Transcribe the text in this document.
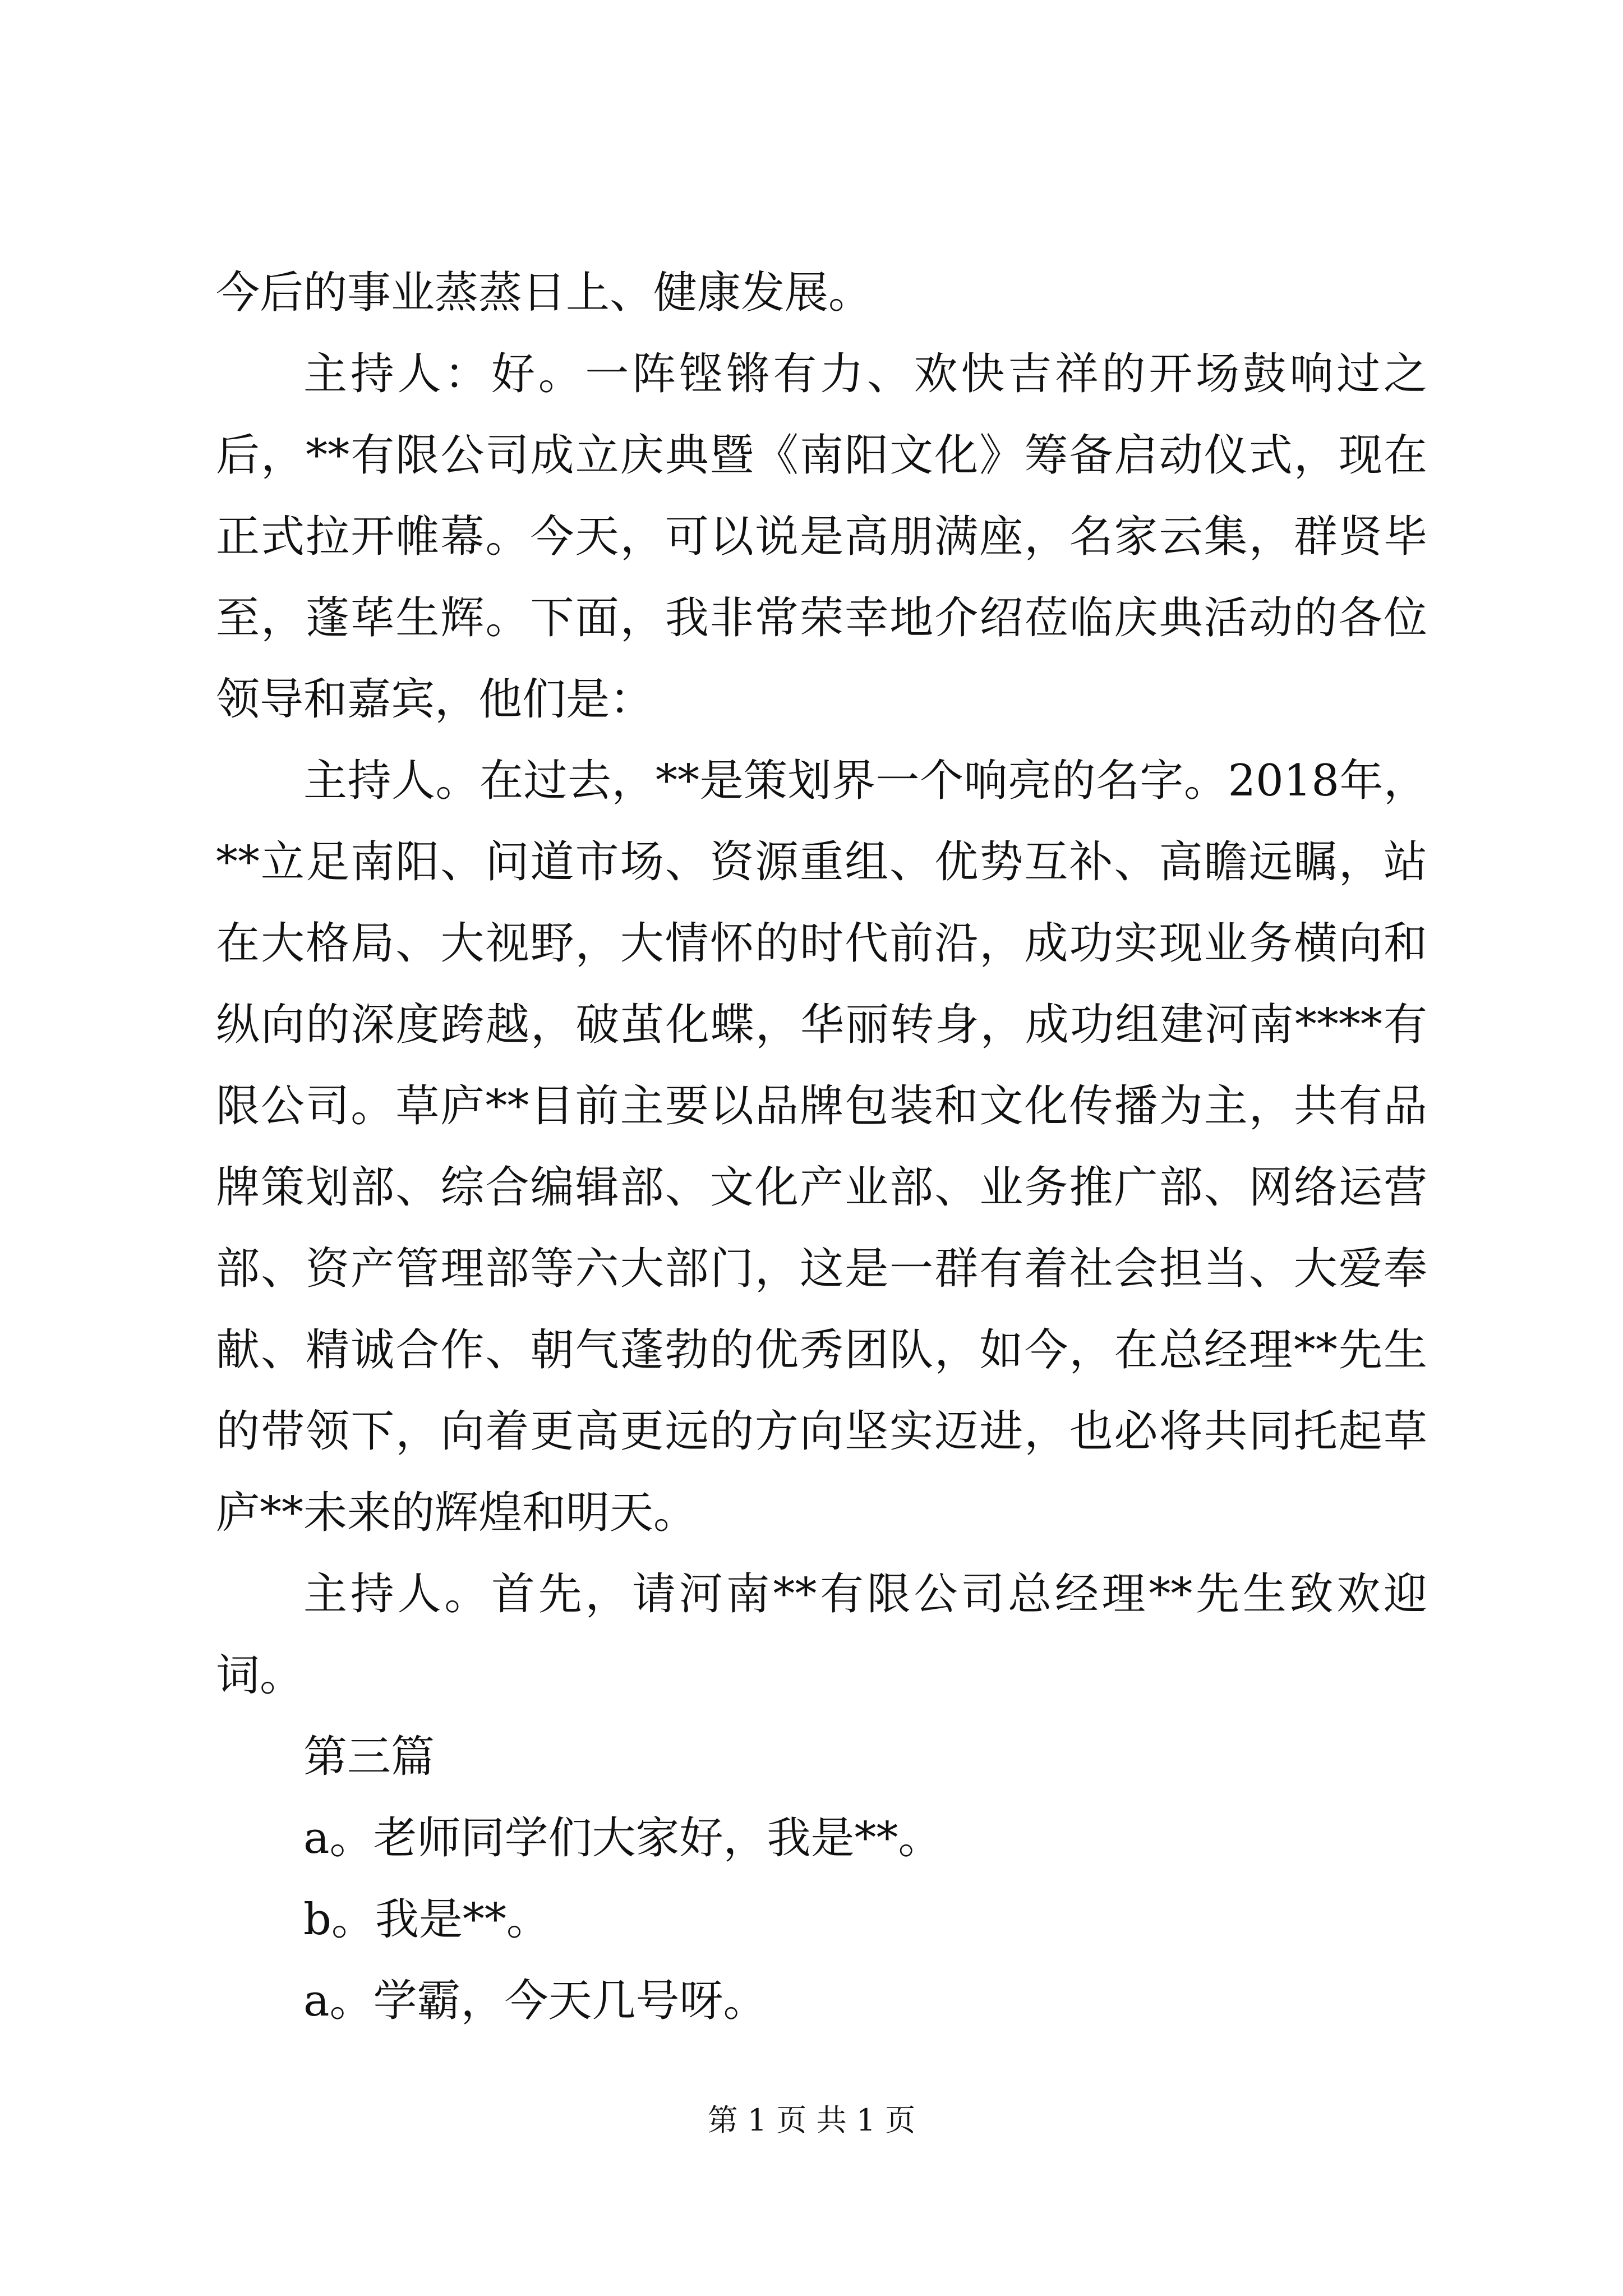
今后的事业蒸蒸日上、健康发展。

主持人：好。一阵铿锵有力、欢快吉祥的开场鼓响过之后，**有限公司成立庆典暨《南阳文化》筹备启动仪式，现在正式拉开帷幕。今天，可以说是高朋满座，名家云集，群贤毕至，蓬荜生辉。下面，我非常荣幸地介绍莅临庆典活动的各位领导和嘉宾，他们是：

主持人。在过去，**是策划界一个响亮的名字。2018年，**立足南阳、问道市场、资源重组、优势互补、高瞻远瞩，站在大格局、大视野，大情怀的时代前沿，成功实现业务横向和纵向的深度跨越，破茧化蝶，华丽转身，成功组建河南****有限公司。草庐**目前主要以品牌包装和文化传播为主，共有品牌策划部、综合编辑部、文化产业部、业务推广部、网络运营部、资产管理部等六大部门，这是一群有着社会担当、大爱奉献、精诚合作、朝气蓬勃的优秀团队，如今，在总经理**先生的带领下，向着更高更远的方向坚实迈进，也必将共同托起草庐**未来的辉煌和明天。

主持人。首先，请河南**有限公司总经理**先生致欢迎词。

第三篇

a。老师同学们大家好，我是**。

b。我是**。

a。学霸，今天几号呀。

第 1 页 共 1 页
